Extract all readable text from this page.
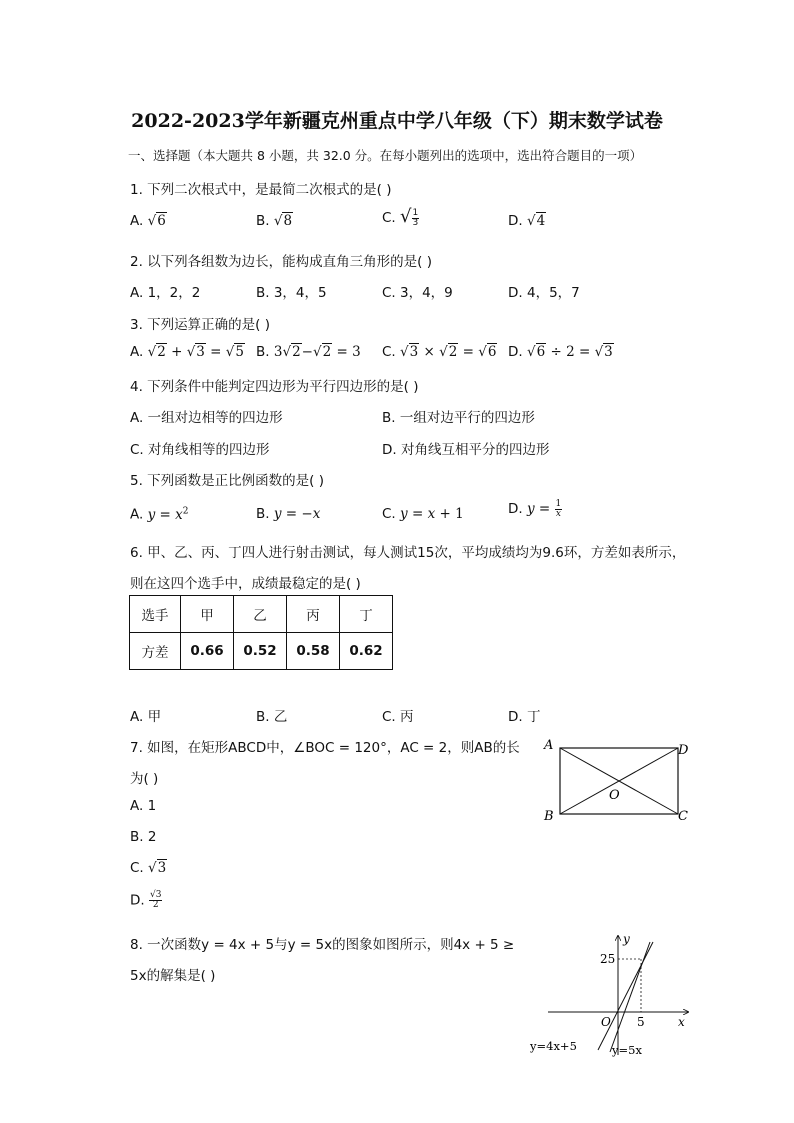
2022-2023学年新疆克州重点中学八年级（下）期末数学试卷
一、选择题（本大题共 8 小题，共 32.0 分。在每小题列出的选项中，选出符合题目的一项）
1. 下列二次根式中，是最简二次根式的是( )
A. √6	B. √8	C. √ $\frac{1}{3}$	D. √4
2. 以下列各组数为边长，能构成直角三角形的是( )
A. 1，2，2	B. 3，4，5	C. 3，4，9	D. 4，5，7
3. 下列运算正确的是( )
A. √2 + √3 = √5 B. 3√2−√2 = 3 C. √3 × √2 = √6 D. √6 ÷ 2 = √3
4. 下列条件中能判定四边形为平行四边形的是( )
A. 一组对边相等的四边形	B. 一组对边平行的四边形
C. 对角线相等的四边形	D. 对角线互相平分的四边形
5. 下列函数是正比例函数的是( )
A. $y = x^2$	B. y = −x	C. y = x + 1	D. $y = \frac{1}{x}$
6. 甲、乙、丙、丁四人进行射击测试，每人测试15次，平均成绩均为9.6环，方差如表所示，
则在这四个选手中，成绩最稳定的是( )
选手	甲	乙	丙	丁
方差	0.66	0.52	0.58	0.62
A. 甲	B. 乙	C. 丙	D. 丁
7. 如图，在矩形ABCD中，∠BOC = 120°，AC = 2，则AB的长
为( )
A. 1
B. 2
C. √3
D. $\frac{√3}{2}$
A	D
B	C
O
8. 一次函数y = 4x + 5与y = 5x的图象如图所示，则4x + 5 ≥
5x的解集是( )
y
x
O
25
5
y=4x+5	y=5x
